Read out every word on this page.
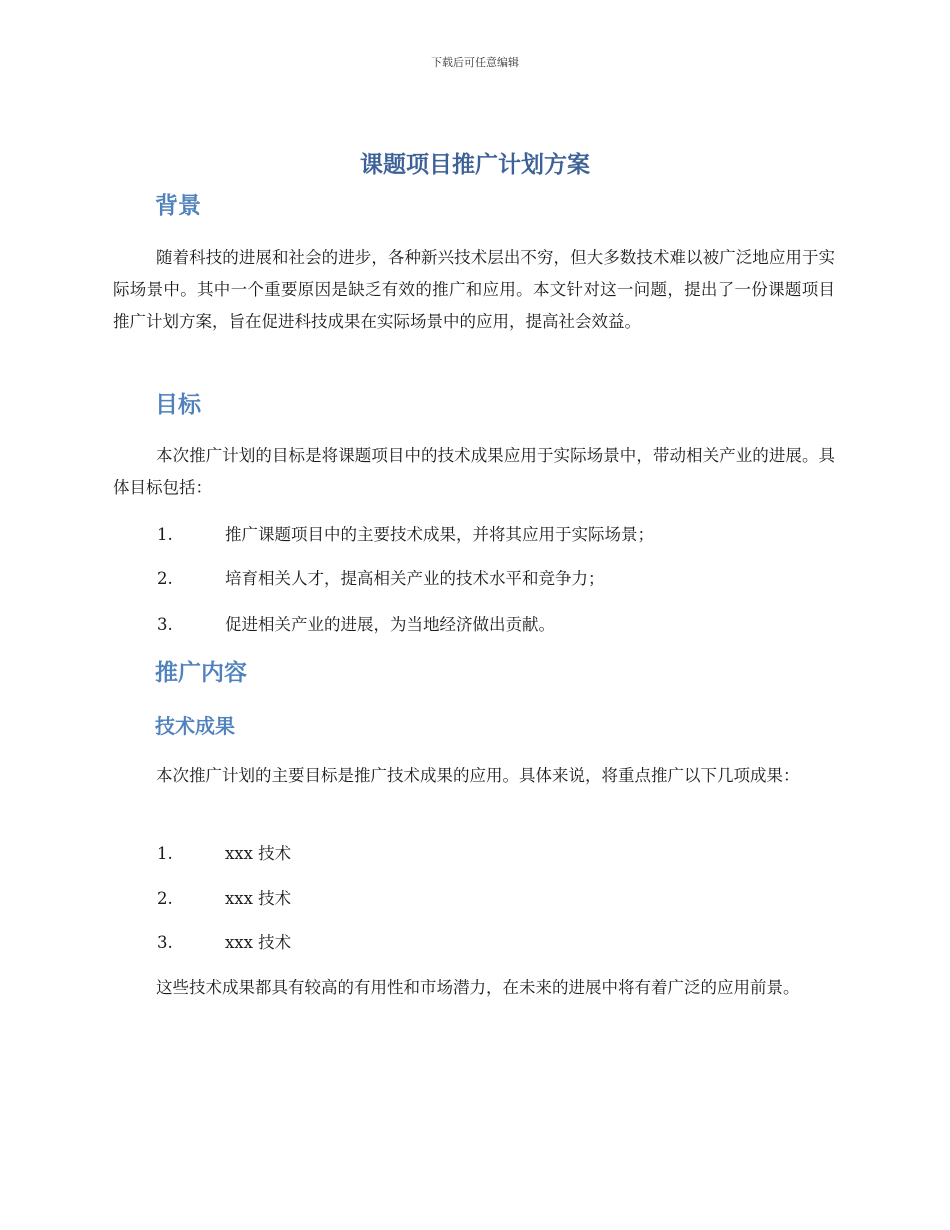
下载后可任意编辑
课题项目推广计划方案
背景

随着科技的进展和社会的进步，各种新兴技术层出不穷，但大多数技术难以被广泛地应用于实际场景中。其中一个重要原因是缺乏有效的推广和应用。本文针对这一问题，提出了一份课题项目推广计划方案，旨在促进科技成果在实际场景中的应用，提高社会效益。

目标

本次推广计划的目标是将课题项目中的技术成果应用于实际场景中，带动相关产业的进展。具体目标包括：

1.	推广课题项目中的主要技术成果，并将其应用于实际场景；
2.	培育相关人才，提高相关产业的技术水平和竞争力；
3.	促进相关产业的进展，为当地经济做出贡献。
推广内容
技术成果

本次推广计划的主要目标是推广技术成果的应用。具体来说，将重点推广以下几项成果：

1.	xxx 技术
2.	xxx 技术
3.	xxx 技术

这些技术成果都具有较高的有用性和市场潜力，在未来的进展中将有着广泛的应用前景。
